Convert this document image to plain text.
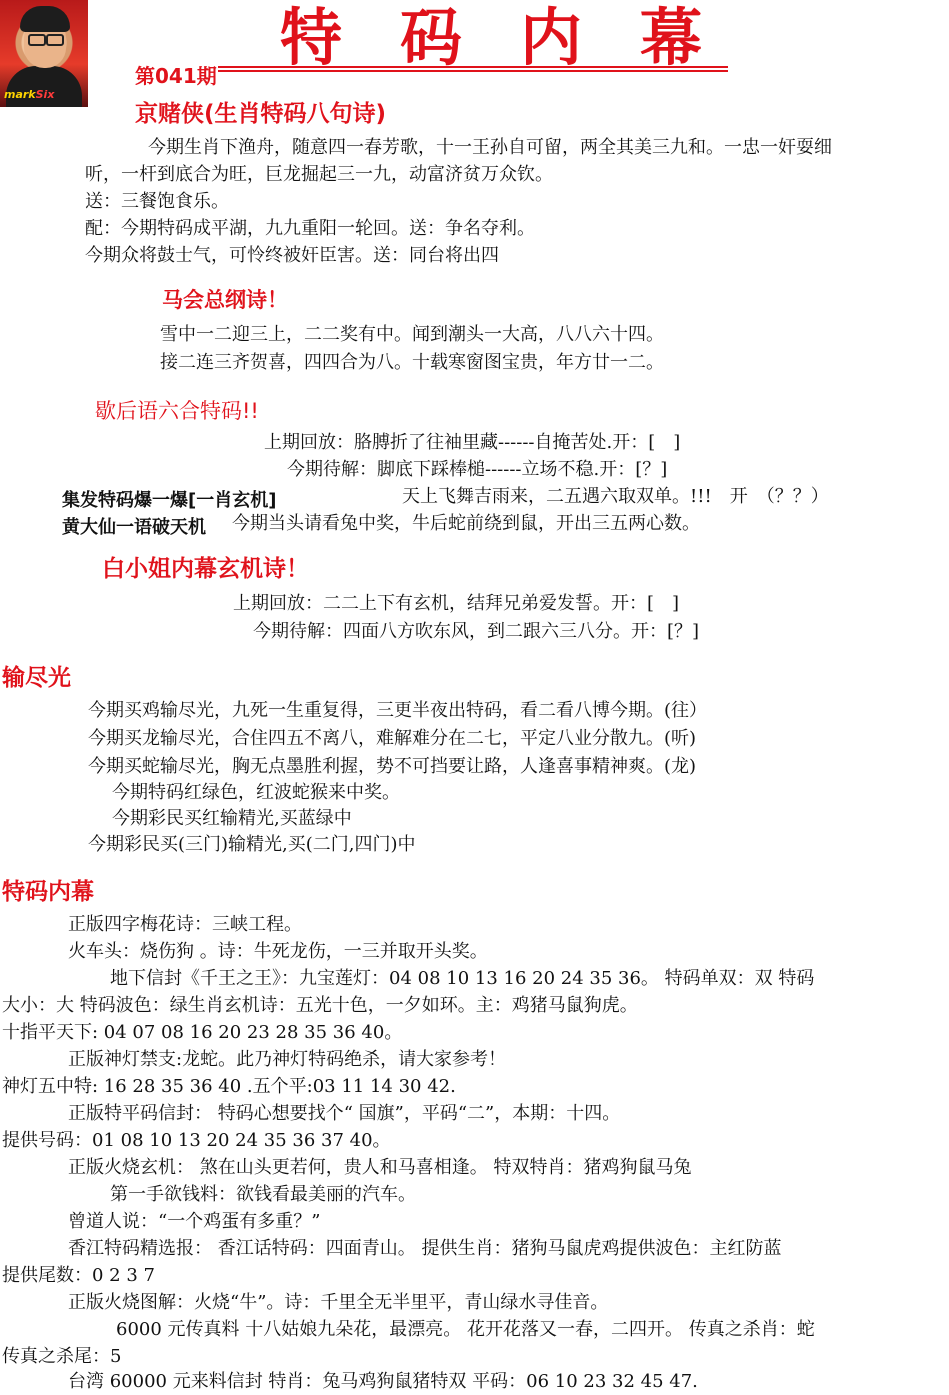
markSix
第041期
特码内幕
京赌侠(生肖特码八句诗)
今期生肖下渔舟，随意四一春芳歌，十一王孙自可留，两全其美三九和。一忠一奸耍细
听，一杆到底合为旺，巨龙掘起三一九，动富济贫万众钦。
送：三餐饱食乐。
配：今期特码成平湖，九九重阳一轮回。送：争名夺利。
今期众将鼓士气，可怜终被奸臣害。送：同台将出四
马会总纲诗！
雪中一二迎三上，二二奖有中。闻到潮头一大高，八八六十四。
接二连三齐贺喜，四四合为八。十载寒窗图宝贵，年方廿一二。
歇后语六合特码!!
上期回放：胳膊折了往袖里藏------自掩苦处.开：[　]
今期待解：脚底下踩棒槌------立场不稳.开：[？]
集发特码爆一爆[一肖玄机]	天上飞舞吉雨来，二五遇六取双单。!!!　开　（？？）
黄大仙一语破天机 今期当头请看兔中奖，牛后蛇前绕到鼠，开出三五两心数。
白小姐内幕玄机诗！
上期回放：二二上下有玄机，结拜兄弟爱发誓。开：[　]
今期待解：四面八方吹东风，到二跟六三八分。开：[？]
输尽光
今期买鸡输尽光，九死一生重复得，三更半夜出特码，看二看八博今期。(往）
今期买龙输尽光，合住四五不离八，难解难分在二七，平定八业分散九。(听)
今期买蛇输尽光，胸无点墨胜利握，势不可挡要让路，人逢喜事精神爽。(龙)
今期特码红绿色，红波蛇猴来中奖。
今期彩民买红输精光,买蓝绿中
今期彩民买(三门)输精光,买(二门,四门)中
特码内幕
正版四字梅花诗：三峡工程。
火车头：烧伤狗 。诗：牛死龙伤，一三并取开头奖。
地下信封《千王之王》：九宝莲灯：04 08 10 13 16 20 24 35 36。 特码单双：双 特码
大小：大 特码波色：绿生肖玄机诗：五光十色，一夕如环。主：鸡猪马鼠狗虎。
十指平天下: 04 07 08 16 20 23 28 35 36 40。
正版神灯禁支:龙蛇。此乃神灯特码绝杀，请大家参考！
神灯五中特: 16 28 35 36 40 .五个平:03 11 14 30 42.
正版特平码信封： 特码心想要找个“ 国旗”，平码“二”，本期：十四。
提供号码：01 08 10 13 20 24 35 36 37 40。
正版火烧玄机： 煞在山头更若何，贵人和马喜相逢。 特双特肖：猪鸡狗鼠马兔
第一手欲钱料：欲钱看最美丽的汽车。
曾道人说：“一个鸡蛋有多重？”
香江特码精选报： 香江话特码：四面青山。 提供生肖：猪狗马鼠虎鸡提供波色：主红防蓝
提供尾数：0 2 3 7
正版火烧图解：火烧“牛”。诗：千里全无半里平，青山绿水寻佳音。
6000 元传真料 十八姑娘九朵花，最漂亮。 花开花落又一春，二四开。 传真之杀肖：蛇
传真之杀尾：5
台湾 60000 元来料信封 特肖：兔马鸡狗鼠猪特双 平码：06 10 23 32 45 47.
